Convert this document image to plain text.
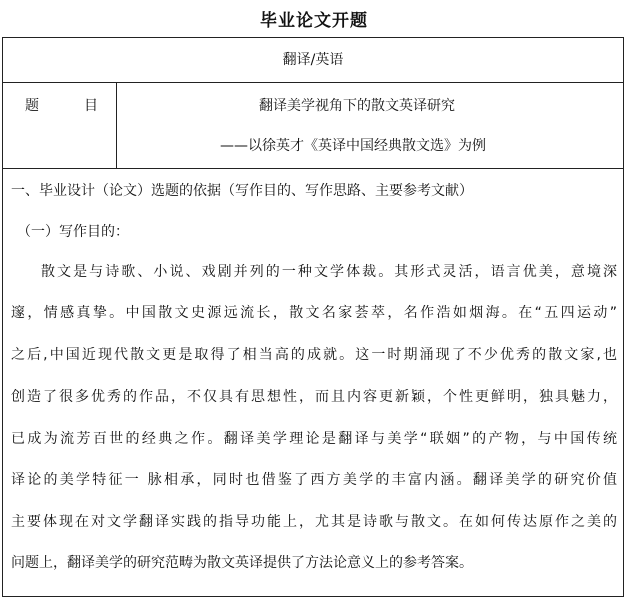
毕业论文开题
翻译/英语
题	目	翻译美学视角下的散文英译研究
——以徐英才《英译中国经典散文选》为例
一、毕业设计（论文）选题的依据（写作目的、写作思路、主要参考文献）
（一）写作目的：
散文是与诗歌、小说、戏剧并列的一种文学体裁。其形式灵活，语言优美，意境深
邃，情感真挚。中国散文史源远流长，散文名家荟萃，名作浩如烟海。在“五四运动”
之后,中国近现代散文更是取得了相当高的成就。这一时期涌现了不少优秀的散文家,也
创造了很多优秀的作品，不仅具有思想性，而且内容更新颖，个性更鲜明，独具魅力，
已成为流芳百世的经典之作。翻译美学理论是翻译与美学“联姻”的产物，与中国传统
译论的美学特征一 脉相承，同时也借鉴了西方美学的丰富内涵。翻译美学的研究价值
主要体现在对文学翻译实践的指导功能上，尤其是诗歌与散文。在如何传达原作之美的
问题上，翻译美学的研究范畴为散文英译提供了方法论意义上的参考答案。
